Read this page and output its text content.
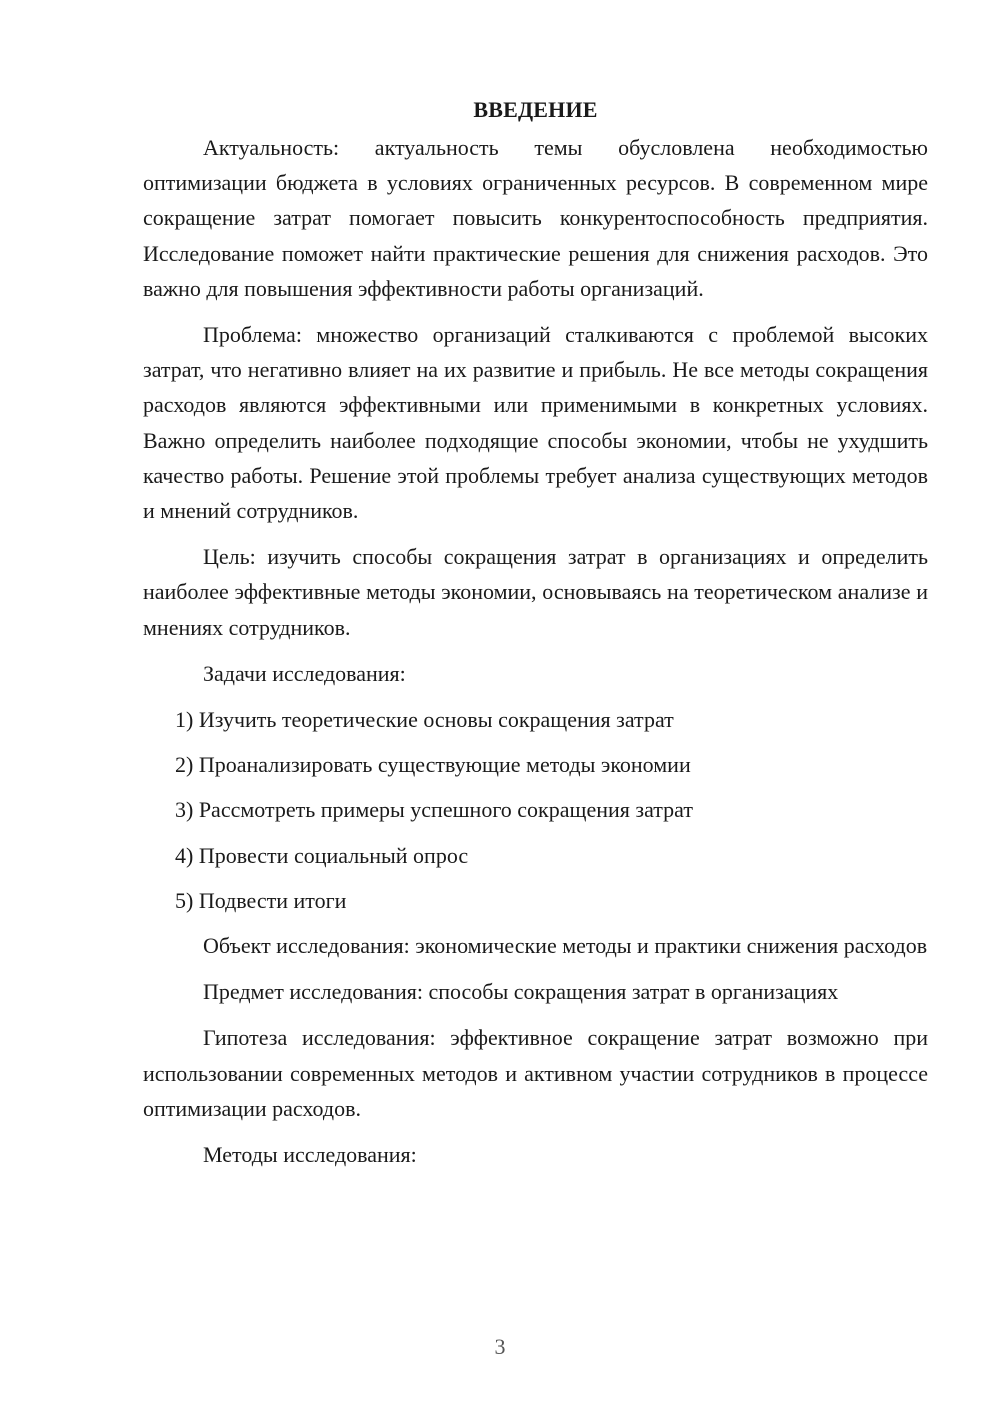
ВВЕДЕНИЕ

Актуальность: актуальность темы обусловлена необходимостью оптимизации бюджета в условиях ограниченных ресурсов. В современном мире сокращение затрат помогает повысить конкурентоспособность предприятия. Исследование поможет найти практические решения для снижения расходов. Это важно для повышения эффективности работы организаций.

Проблема: множество организаций сталкиваются с проблемой высоких затрат, что негативно влияет на их развитие и прибыль. Не все методы сокращения расходов являются эффективными или применимыми в конкретных условиях. Важно определить наиболее подходящие способы экономии, чтобы не ухудшить качество работы. Решение этой проблемы требует анализа существующих методов и мнений сотрудников.

Цель: изучить способы сокращения затрат в организациях и определить наиболее эффективные методы экономии, основываясь на теоретическом анализе и мнениях сотрудников.

Задачи исследования:

1) Изучить теоретические основы сокращения затрат
2) Проанализировать существующие методы экономии
3) Рассмотреть примеры успешного сокращения затрат
4) Провести социальный опрос
5) Подвести итоги

Объект исследования: экономические методы и практики снижения расходов

Предмет исследования: способы сокращения затрат в организациях

Гипотеза исследования: эффективное сокращение затрат возможно при использовании современных методов и активном участии сотрудников в процессе оптимизации расходов.

Методы исследования:

3
